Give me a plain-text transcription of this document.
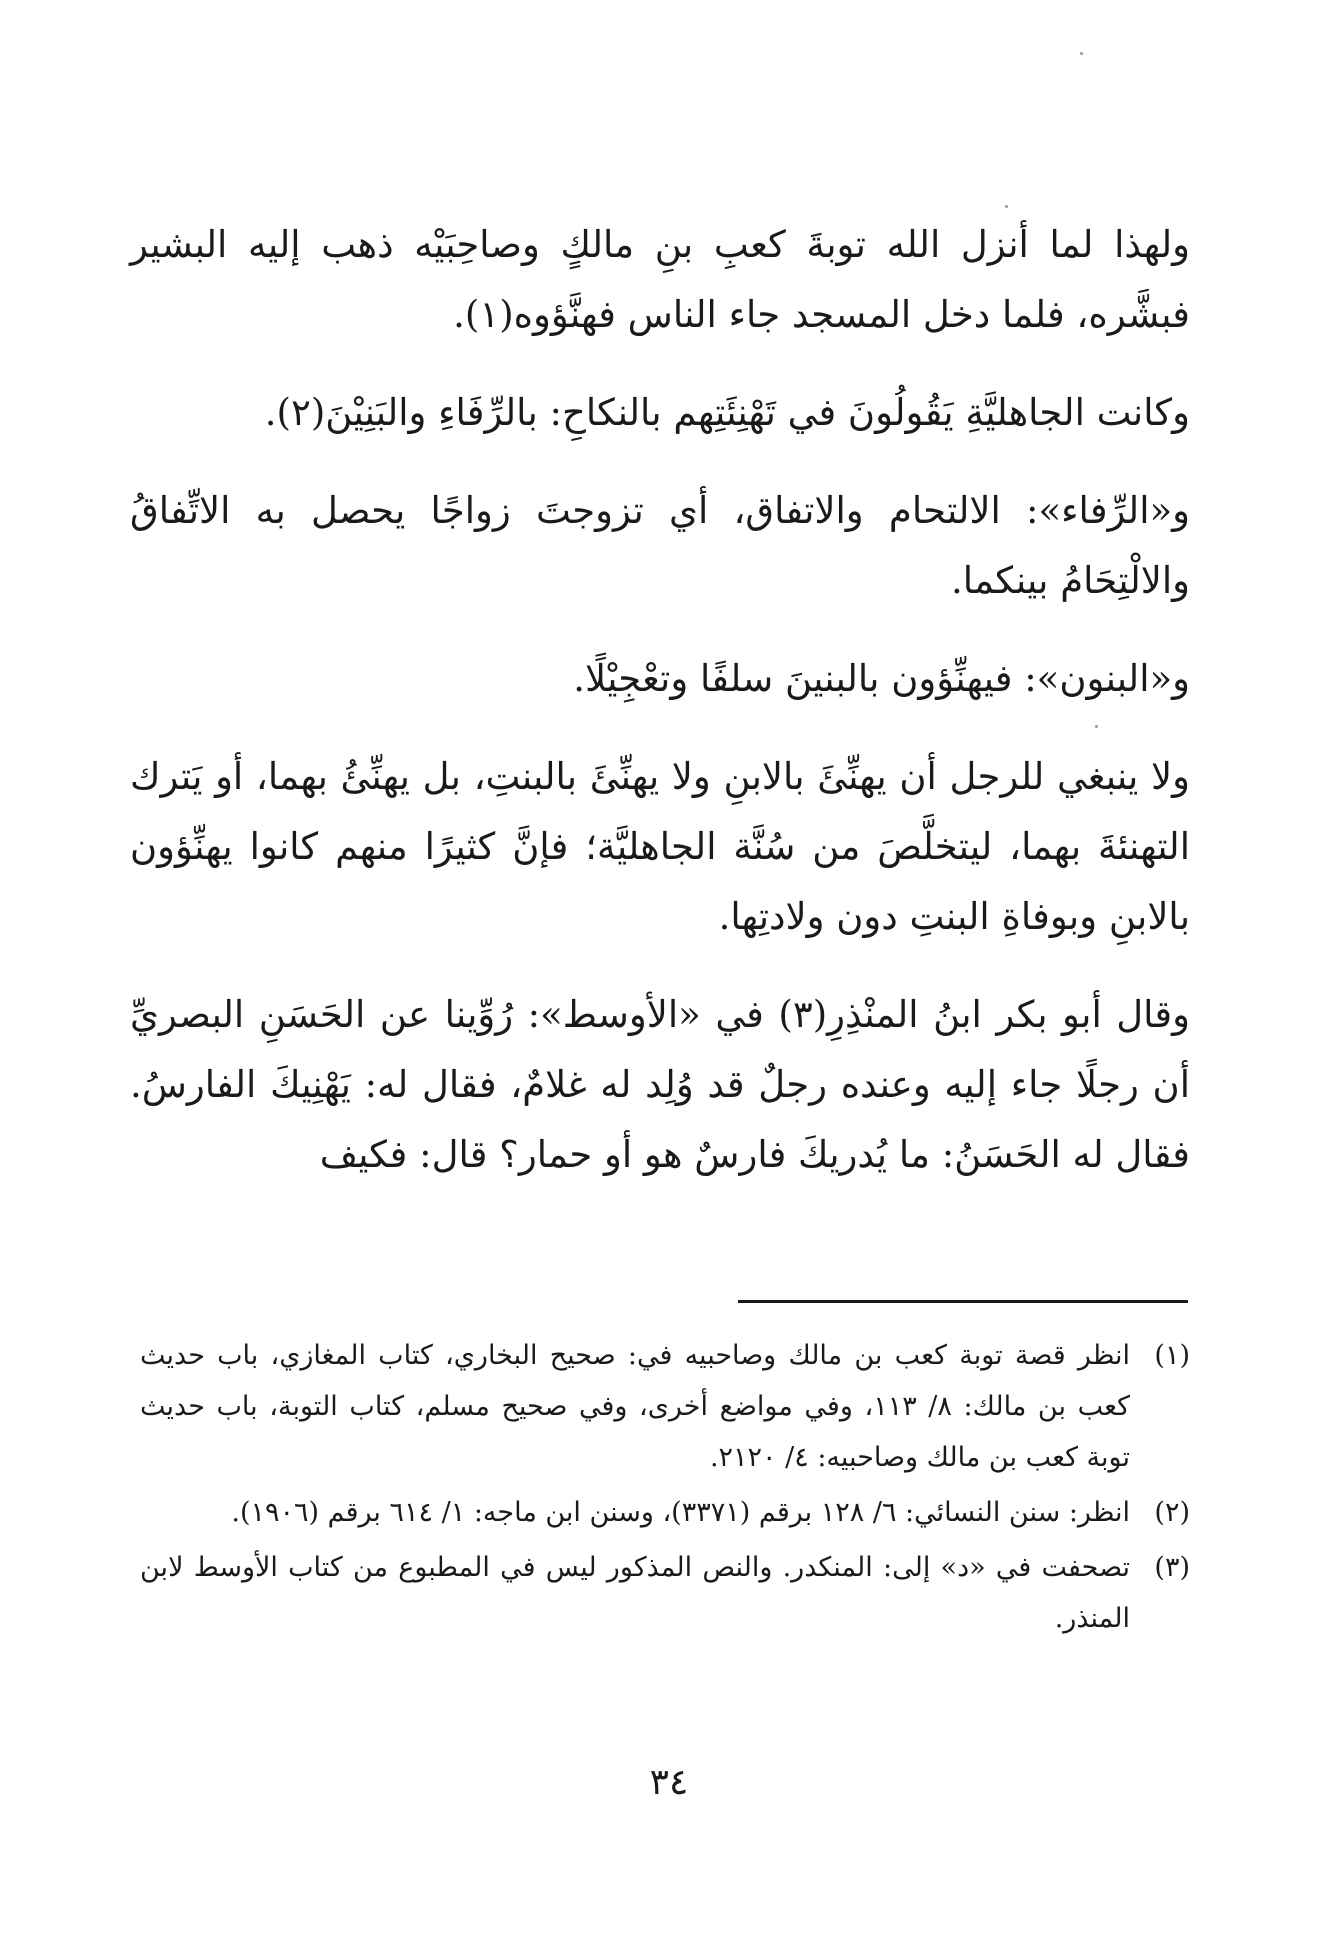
ولهذا لما أنزل الله توبةَ كعبِ بنِ مالكٍ وصاحِبَيْه ذهب إليه البشير فبشَّره، فلما دخل المسجد جاء الناس فهنَّؤوه(١).

وكانت الجاهليَّةِ يَقُولُونَ في تَهْنِئَتِهم بالنكاحِ: بالرِّفَاءِ والبَنِيْنَ(٢).

و«الرِّفاء»: الالتحام والاتفاق، أي تزوجتَ زواجًا يحصل به الاتِّفاقُ والالْتِحَامُ بينكما.

و«البنون»: فيهنِّؤون بالبنينَ سلفًا وتعْجِيْلًا.

ولا ينبغي للرجل أن يهنِّئَ بالابنِ ولا يهنِّئَ بالبنتِ، بل يهنِّئُ بهما، أو يَترك التهنئةَ بهما، ليتخلَّصَ من سُنَّة الجاهليَّة؛ فإنَّ كثيرًا منهم كانوا يهنِّؤون بالابنِ وبوفاةِ البنتِ دون ولادتِها.

وقال أبو بكر ابنُ المنْذِرِ(٣) في «الأوسط»: رُوِّينا عن الحَسَنِ البصريِّ أن رجلًا جاء إليه وعنده رجلٌ قد وُلِد له غلامٌ، فقال له: يَهْنِيكَ الفارسُ. فقال له الحَسَنُ: ما يُدريكَ فارسٌ هو أو حمار؟ قال: فكيف

(١)
انظر قصة توبة كعب بن مالك وصاحبيه في: صحيح البخاري، كتاب المغازي، باب حديث كعب بن مالك: ٨/ ١١٣، وفي مواضع أخرى، وفي صحيح مسلم، كتاب التوبة، باب حديث توبة كعب بن مالك وصاحبيه: ٤/ ٢١٢٠.
(٢)
انظر: سنن النسائي: ٦/ ١٢٨ برقم (٣٣٧١)، وسنن ابن ماجه: ١/ ٦١٤ برقم (١٩٠٦).
(٣)
تصحفت في «د» إلى: المنكدر. والنص المذكور ليس في المطبوع من كتاب الأوسط لابن المنذر.
٣٤
